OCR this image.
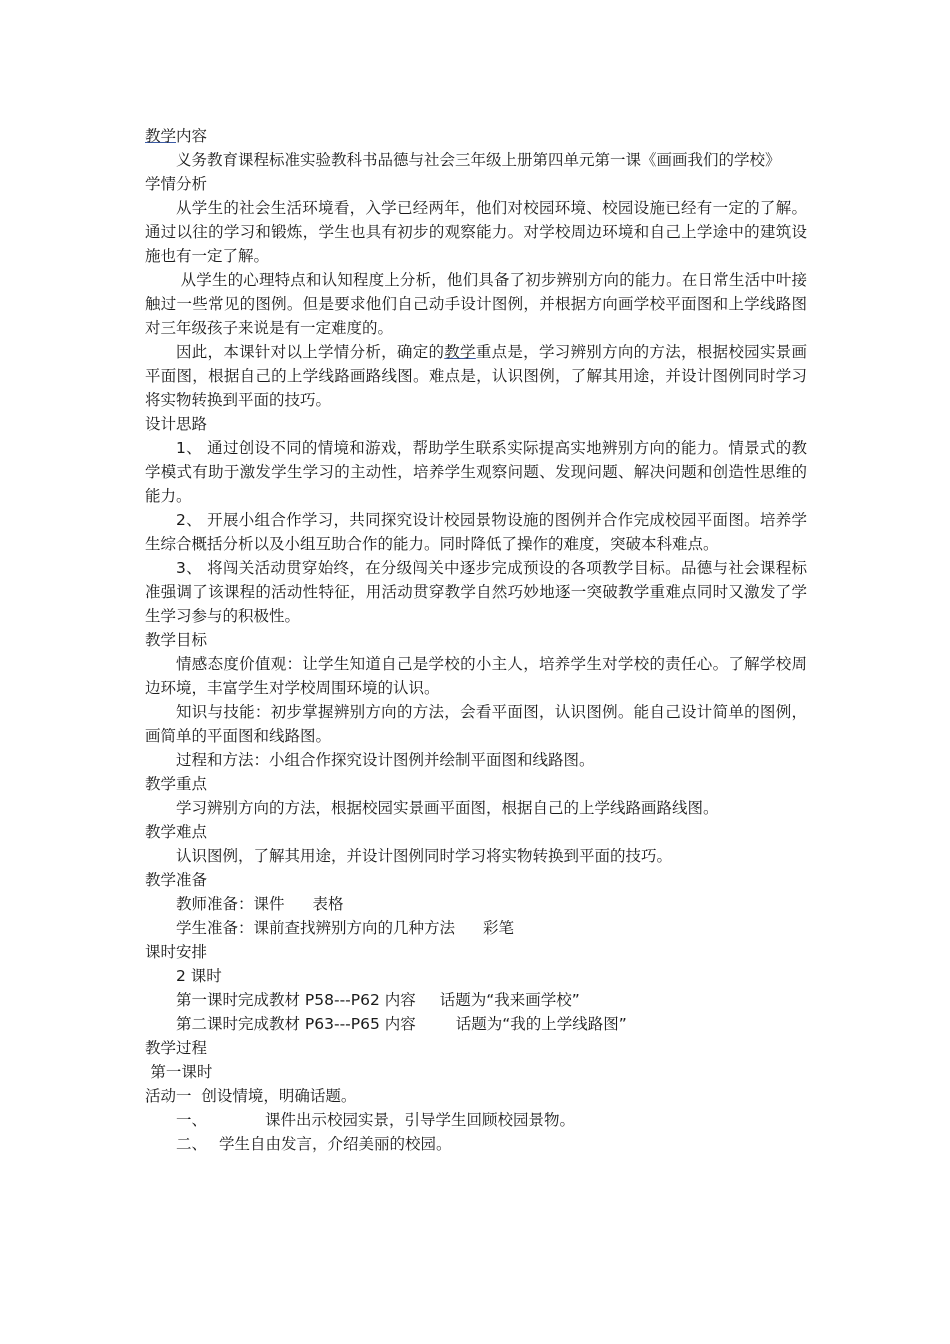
教学内容

义务教育课程标准实验教科书品德与社会三年级上册第四单元第一课《画画我们的学校》

学情分析

从学生的社会生活环境看，入学已经两年，他们对校园环境、校园设施已经有一定的了解。通过以往的学习和锻炼，学生也具有初步的观察能力。对学校周边环境和自己上学途中的建筑设施也有一定了解。

从学生的心理特点和认知程度上分析，他们具备了初步辨别方向的能力。在日常生活中叶接触过一些常见的图例。但是要求他们自己动手设计图例，并根据方向画学校平面图和上学线路图对三年级孩子来说是有一定难度的。

因此，本课针对以上学情分析，确定的教学重点是，学习辨别方向的方法，根据校园实景画平面图，根据自己的上学线路画路线图。难点是，认识图例，了解其用途，并设计图例同时学习将实物转换到平面的技巧。

设计思路

1、 通过创设不同的情境和游戏，帮助学生联系实际提高实地辨别方向的能力。情景式的教学模式有助于激发学生学习的主动性，培养学生观察问题、发现问题、解决问题和创造性思维的能力。

2、 开展小组合作学习，共同探究设计校园景物设施的图例并合作完成校园平面图。培养学生综合概括分析以及小组互助合作的能力。同时降低了操作的难度，突破本科难点。

3、 将闯关活动贯穿始终，在分级闯关中逐步完成预设的各项教学目标。品德与社会课程标准强调了该课程的活动性特征，用活动贯穿教学自然巧妙地逐一突破教学重难点同时又激发了学生学习参与的积极性。

教学目标

情感态度价值观：让学生知道自己是学校的小主人，培养学生对学校的责任心。了解学校周边环境，丰富学生对学校周围环境的认识。

知识与技能：初步掌握辨别方向的方法，会看平面图，认识图例。能自己设计简单的图例，画简单的平面图和线路图。

过程和方法：小组合作探究设计图例并绘制平面图和线路图。

教学重点

学习辨别方向的方法，根据校园实景画平面图，根据自己的上学线路画路线图。

教学难点

认识图例，了解其用途，并设计图例同时学习将实物转换到平面的技巧。

教学准备

教师准备：课件 表格

学生准备：课前查找辨别方向的几种方法 彩笔

课时安排

2 课时

第一课时完成教材 P58---P62 内容 话题为“我来画学校”

第二课时完成教材 P63---P65 内容	话题为“我的上学线路图”

教学过程

第一课时

活动一  创设情境，明确话题。

一、	课件出示校园实景，引导学生回顾校园景物。

二、 学生自由发言，介绍美丽的校园。
